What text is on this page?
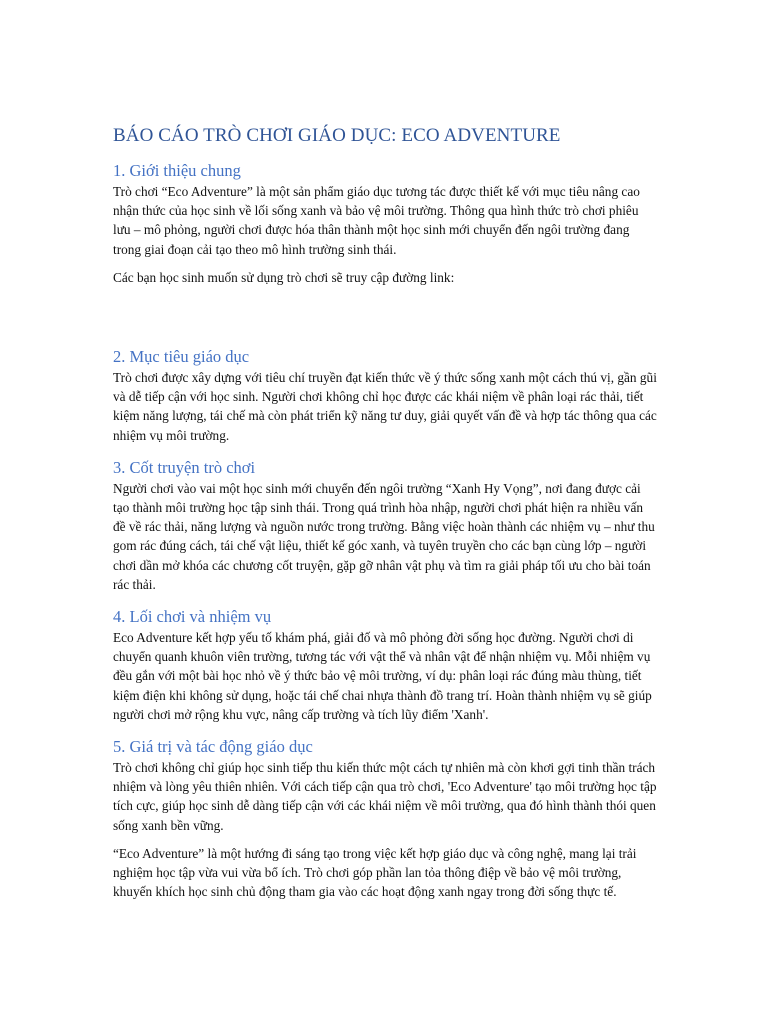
BÁO CÁO TRÒ CHƠI GIÁO DỤC: ECO ADVENTURE
1. Giới thiệu chung

Trò chơi “Eco Adventure” là một sản phẩm giáo dục tương tác được thiết kế với mục tiêu nâng cao nhận thức của học sinh về lối sống xanh và bảo vệ môi trường. Thông qua hình thức trò chơi phiêu lưu – mô phỏng, người chơi được hóa thân thành một học sinh mới chuyển đến ngôi trường đang trong giai đoạn cải tạo theo mô hình trường sinh thái.

Các bạn học sinh muốn sử dụng trò chơi sẽ truy cập đường link:

2. Mục tiêu giáo dục

Trò chơi được xây dựng với tiêu chí truyền đạt kiến thức về ý thức sống xanh một cách thú vị, gần gũi và dễ tiếp cận với học sinh. Người chơi không chỉ học được các khái niệm về phân loại rác thải, tiết kiệm năng lượng, tái chế mà còn phát triển kỹ năng tư duy, giải quyết vấn đề và hợp tác thông qua các nhiệm vụ môi trường.

3. Cốt truyện trò chơi

Người chơi vào vai một học sinh mới chuyển đến ngôi trường “Xanh Hy Vọng”, nơi đang được cải tạo thành môi trường học tập sinh thái. Trong quá trình hòa nhập, người chơi phát hiện ra nhiều vấn đề về rác thải, năng lượng và nguồn nước trong trường. Bằng việc hoàn thành các nhiệm vụ – như thu gom rác đúng cách, tái chế vật liệu, thiết kế góc xanh, và tuyên truyền cho các bạn cùng lớp – người chơi dần mở khóa các chương cốt truyện, gặp gỡ nhân vật phụ và tìm ra giải pháp tối ưu cho bài toán rác thải.

4. Lối chơi và nhiệm vụ

Eco Adventure kết hợp yếu tố khám phá, giải đố và mô phỏng đời sống học đường. Người chơi di chuyển quanh khuôn viên trường, tương tác với vật thể và nhân vật để nhận nhiệm vụ. Mỗi nhiệm vụ đều gắn với một bài học nhỏ về ý thức bảo vệ môi trường, ví dụ: phân loại rác đúng màu thùng, tiết kiệm điện khi không sử dụng, hoặc tái chế chai nhựa thành đồ trang trí. Hoàn thành nhiệm vụ sẽ giúp người chơi mở rộng khu vực, nâng cấp trường và tích lũy điểm 'Xanh'.

5. Giá trị và tác động giáo dục

Trò chơi không chỉ giúp học sinh tiếp thu kiến thức một cách tự nhiên mà còn khơi gợi tinh thần trách nhiệm và lòng yêu thiên nhiên. Với cách tiếp cận qua trò chơi, 'Eco Adventure' tạo môi trường học tập tích cực, giúp học sinh dễ dàng tiếp cận với các khái niệm về môi trường, qua đó hình thành thói quen sống xanh bền vững.

“Eco Adventure” là một hướng đi sáng tạo trong việc kết hợp giáo dục và công nghệ, mang lại trải nghiệm học tập vừa vui vừa bổ ích. Trò chơi góp phần lan tỏa thông điệp về bảo vệ môi trường, khuyến khích học sinh chủ động tham gia vào các hoạt động xanh ngay trong đời sống thực tế.
